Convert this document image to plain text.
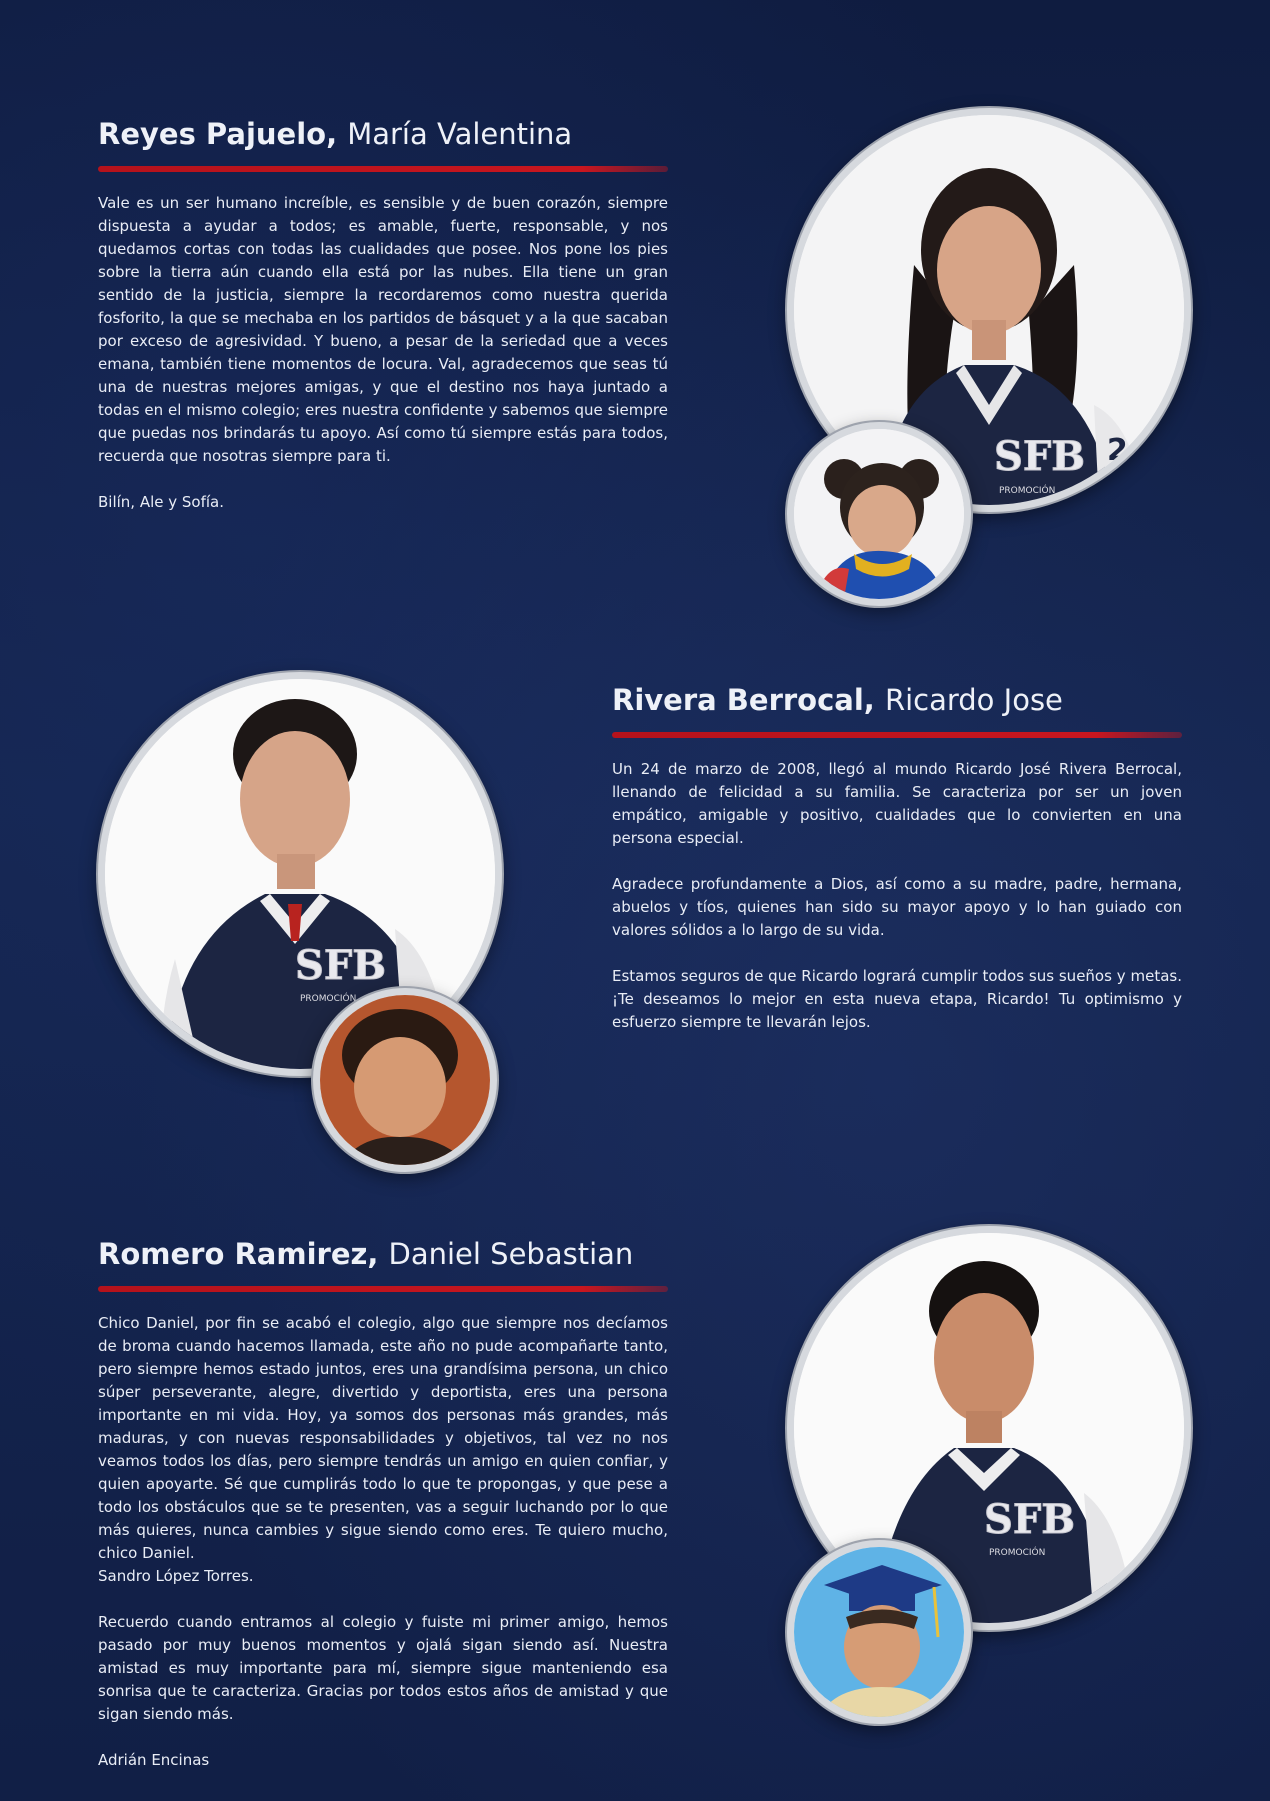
Reyes Pajuelo, María Valentina

Vale es un ser humano increíble, es sensible y de buen corazón, siempre dispuesta a ayudar a todos; es amable, fuerte, responsable, y nos quedamos cortas con todas las cualidades que posee. Nos pone los pies sobre la tierra aún cuando ella está por las nubes. Ella tiene un gran sentido de la justicia, siempre la recordaremos como nuestra querida fosforito, la que se mechaba en los partidos de básquet y a la que sacaban por exceso de agresividad. Y bueno, a pesar de la seriedad que a veces emana, también tiene momentos de locura. Val, agradecemos que seas tú una de nuestras mejores amigas, y que el destino nos haya juntado a todas en el mismo colegio; eres nuestra confidente y sabemos que siempre que puedas nos brindarás tu apoyo. Así como tú siempre estás para todos, recuerda que nosotras siempre para ti.

Bilín, Ale y Sofía.

SFB
PROMOCIÓN
24
Rivera Berrocal, Ricardo Jose

Un 24 de marzo de 2008, llegó al mundo Ricardo José Rivera Berrocal, llenando de felicidad a su familia. Se caracteriza por ser un joven empático, amigable y positivo, cualidades que lo convierten en una persona especial.

Agradece profundamente a Dios, así como a su madre, padre, hermana, abuelos y tíos, quienes han sido su mayor apoyo y lo han guiado con valores sólidos a lo largo de su vida.

Estamos seguros de que Ricardo logrará cumplir todos sus sueños y metas. ¡Te deseamos lo mejor en esta nueva etapa, Ricardo! Tu optimismo y esfuerzo siempre te llevarán lejos.

SFB
PROMOCIÓN
Romero Ramirez, Daniel Sebastian

Chico Daniel, por fin se acabó el colegio, algo que siempre nos decíamos de broma cuando hacemos llamada, este año no pude acompañarte tanto, pero siempre hemos estado juntos, eres una grandísima persona, un chico súper perseverante, alegre, divertido y deportista, eres una persona importante en mi vida. Hoy, ya somos dos personas más grandes, más maduras, y con nuevas responsabilidades y objetivos, tal vez no nos veamos todos los días, pero siempre tendrás un amigo en quien confiar, y quien apoyarte. Sé que cumplirás todo lo que te propongas, y que pese a todo los obstáculos que se te presenten, vas a seguir luchando por lo que más quieres, nunca cambies y sigue siendo como eres. Te quiero mucho, chico Daniel.

Sandro López Torres.

Recuerdo cuando entramos al colegio y fuiste mi primer amigo, hemos pasado por muy buenos momentos y ojalá sigan siendo así. Nuestra amistad es muy importante para mí, siempre sigue manteniendo esa sonrisa que te caracteriza. Gracias por todos estos años de amistad y que sigan siendo más.

Adrián Encinas

SFB
PROMOCIÓN
